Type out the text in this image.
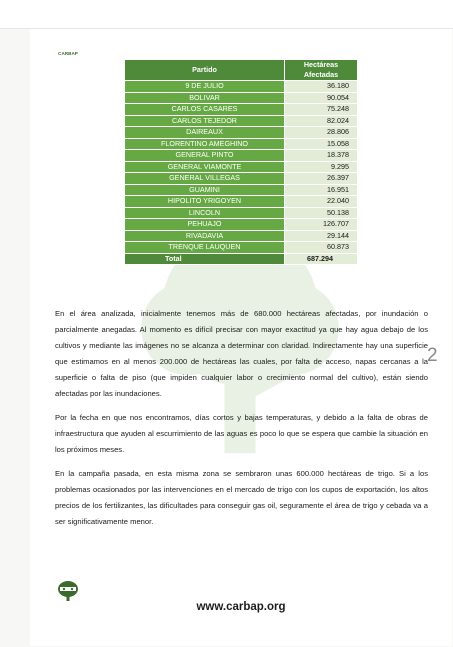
Partido	Hectáreas Afectadas
9 DE JULIO	36.180
BOLIVAR	90.054
CARLOS CASARES	75.248
CARLOS TEJEDOR	82.024
DAIREAUX	28.806
FLORENTINO AMEGHINO	15.058
GENERAL PINTO	18.378
GENERAL VIAMONTE	9.295
GENERAL VILLEGAS	26.397
GUAMINI	16.951
HIPOLITO YRIGOYEN	22.040
LINCOLN	50.138
PEHUAJO	126.707
RIVADAVIA	29.144
TRENQUE LAUQUEN	60.873
Total	687.294

En el área analizada, inicialmente tenemos más de 680.000 hectáreas afectadas, por inundación o parcialmente anegadas. Al momento es difícil precisar con mayor exactitud ya que hay agua debajo de los cultivos y mediante las imágenes no se alcanza a determinar con claridad. Indirectamente hay una superficie que estimamos en al menos 200.000 de hectáreas las cuales, por falta de acceso, napas cercanas a la superficie o falta de piso (que impiden cualquier labor o crecimiento normal del cultivo), están siendo afectadas por las inundaciones.

Por la fecha en que nos encontramos, días cortos y bajas temperaturas, y debido a la falta de obras de infraestructura que ayuden al escurrimiento de las aguas es poco lo que se espera que cambie la situación en los próximos meses.

En la campaña pasada, en esta misma zona se sembraron unas 600.000 hectáreas de trigo. Si a los problemas ocasionados por las intervenciones en el mercado de trigo con los cupos de exportación, los altos precios de los fertilizantes, las dificultades para conseguir gas oil, seguramente el área de trigo y cebada va a ser significativamente menor.

2
CARBAP
www.carbap.org
